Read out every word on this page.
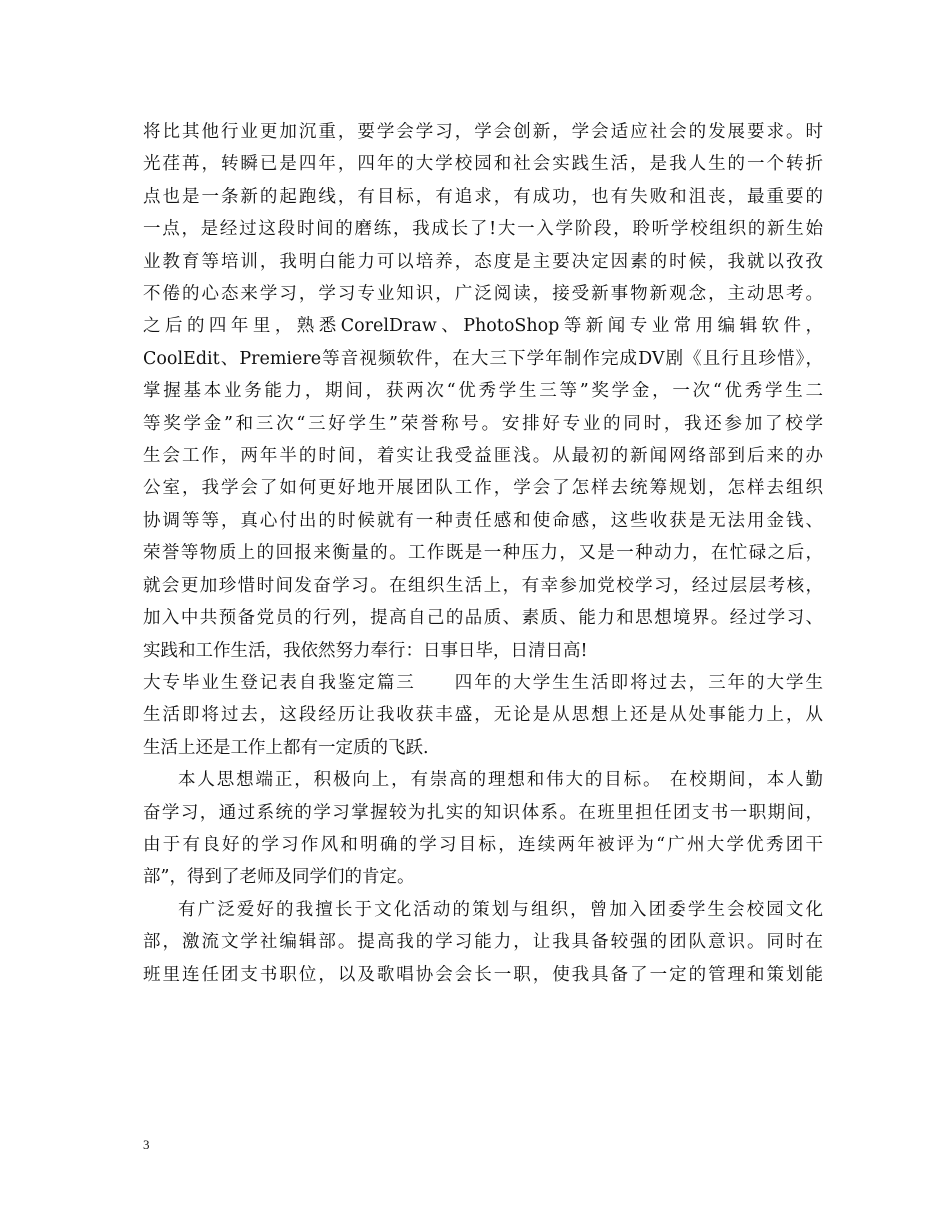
将比其他行业更加沉重，要学会学习，学会创新，学会适应社会的发展要求。时
光荏苒，转瞬已是四年，四年的大学校园和社会实践生活，是我人生的一个转折
点也是一条新的起跑线，有目标，有追求，有成功，也有失败和沮丧，最重要的
一点，是经过这段时间的磨练，我成长了!大一入学阶段，聆听学校组织的新生始
业教育等培训，我明白能力可以培养，态度是主要决定因素的时候，我就以孜孜
不倦的心态来学习，学习专业知识，广泛阅读，接受新事物新观念，主动思考。
之后的四年里，熟悉CorelDraw、PhotoShop等新闻专业常用编辑软件，
CoolEdit、Premiere等音视频软件，在大三下学年制作完成DV剧《且行且珍惜》，
掌握基本业务能力，期间，获两次“优秀学生三等”奖学金，一次“优秀学生二
等奖学金”和三次“三好学生”荣誉称号。安排好专业的同时，我还参加了校学
生会工作，两年半的时间，着实让我受益匪浅。从最初的新闻网络部到后来的办
公室，我学会了如何更好地开展团队工作，学会了怎样去统筹规划，怎样去组织
协调等等，真心付出的时候就有一种责任感和使命感，这些收获是无法用金钱、
荣誉等物质上的回报来衡量的。工作既是一种压力，又是一种动力，在忙碌之后，
就会更加珍惜时间发奋学习。在组织生活上，有幸参加党校学习，经过层层考核，
加入中共预备党员的行列，提高自己的品质、素质、能力和思想境界。经过学习、
实践和工作生活，我依然努力奉行：日事日毕，日清日高!
大专毕业生登记表自我鉴定篇三　　四年的大学生生活即将过去，三年的大学生
生活即将过去，这段经历让我收获丰盛，无论是从思想上还是从处事能力上，从
生活上还是工作上都有一定质的飞跃.
本人思想端正，积极向上，有崇高的理想和伟大的目标。 在校期间，本人勤
奋学习，通过系统的学习掌握较为扎实的知识体系。在班里担任团支书一职期间，
由于有良好的学习作风和明确的学习目标，连续两年被评为“广州大学优秀团干
部”，得到了老师及同学们的肯定。
有广泛爱好的我擅长于文化活动的策划与组织，曾加入团委学生会校园文化
部，激流文学社编辑部。提高我的学习能力，让我具备较强的团队意识。同时在
班里连任团支书职位，以及歌唱协会会长一职，使我具备了一定的管理和策划能
3
